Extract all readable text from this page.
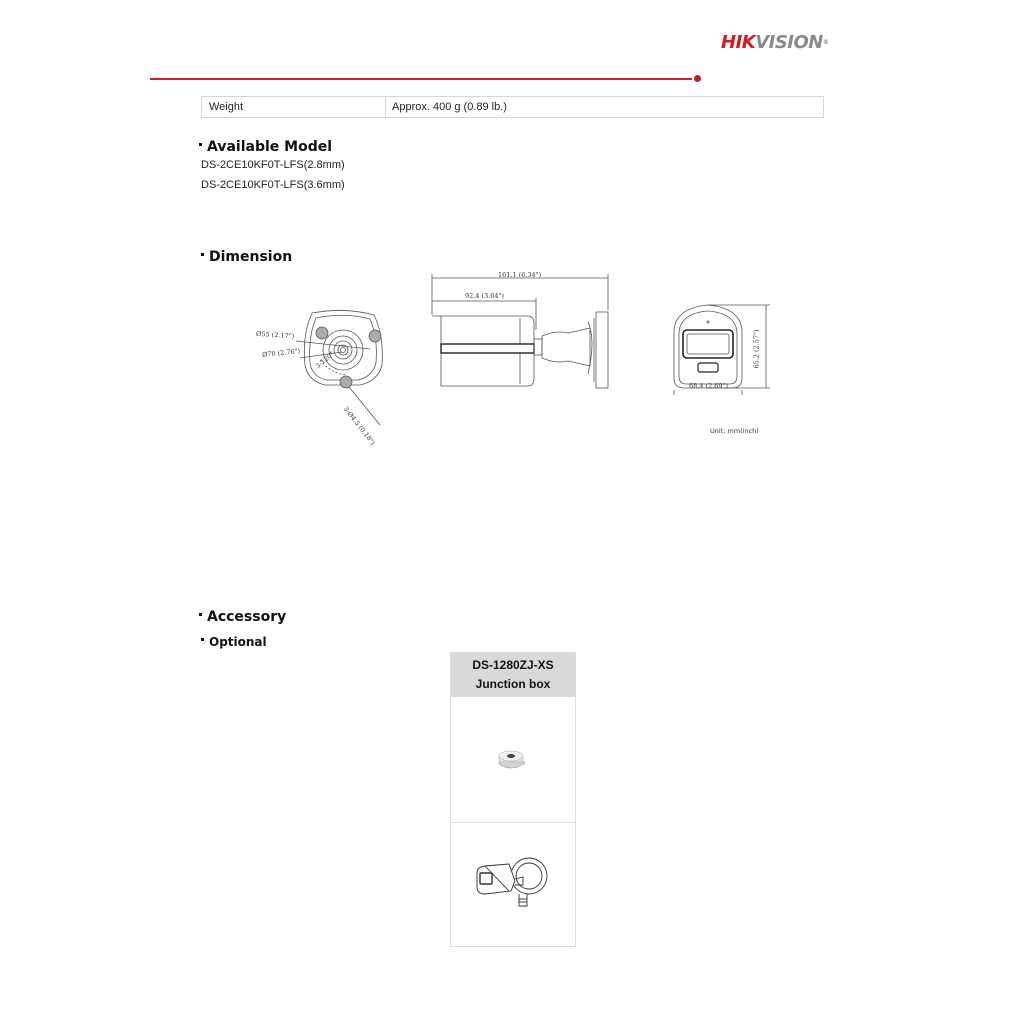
HIKVISION®
Weight	Approx. 400 g (0.89 lb.)
Available Model
DS-2CE10KF0T-LFS(2.8mm)
DS-2CE10KF0T-LFS(3.6mm)
Dimension
Ø55 (2.17")
Ø70 (2.76") 3-120°
3-Ø4.5 (0.18")
161.1 (6.34")
92.4 (3.64")
68.4 (2.69")
65.2 (2.57")
Unit: mm(inch)
Accessory
Optional
DS-1280ZJ-XS
Junction box
